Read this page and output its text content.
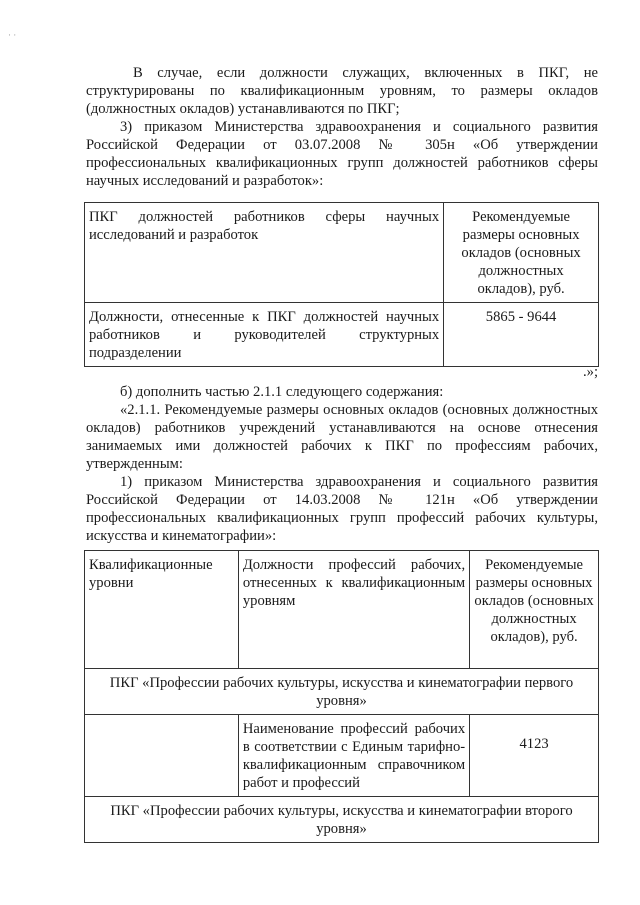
· ·

В случае, если должности служащих, включенных в ПКГ, не структурированы по квалификационным уровням, то размеры окладов (должностных окладов) устанавливаются по ПКГ;

3) приказом Министерства здравоохранения и социального развития Российской Федерации от 03.07.2008 № 305н «Об утверждении профессиональных квалификационных групп должностей работников сферы научных исследований и разработок»:

ПКГ должностей работников сферы научных исследований и разработок	Рекомендуемые размеры основных окладов (основных должностных окладов), руб.
Должности, отнесенные к ПКГ должностей научных работников и руководителей структурных подразделении	5865 - 9644
.»;

б) дополнить частью 2.1.1 следующего содержания:

«2.1.1. Рекомендуемые размеры основных окладов (основных должностных окладов) работников учреждений устанавливаются на основе отнесения занимаемых ими должностей рабочих к ПКГ по профессиям рабочих, утвержденным:

1) приказом Министерства здравоохранения и социального развития Российской Федерации от 14.03.2008 № 121н «Об утверждении профессиональных квалификационных групп профессий рабочих культуры, искусства и кинематографии»:

Квалификационные уровни	Должности профессий рабочих, отнесенных к квалификационным уровням	Рекомендуемые размеры основных окладов (основных должностных окладов), руб.
ПКГ «Профессии рабочих культуры, искусства и кинематографии первого уровня»		
	Наименование профессий рабочих в соответствии с Единым тарифно-квалификационным справочником работ и профессий	4123
ПКГ «Профессии рабочих культуры, искусства и кинематографии второго уровня»		
